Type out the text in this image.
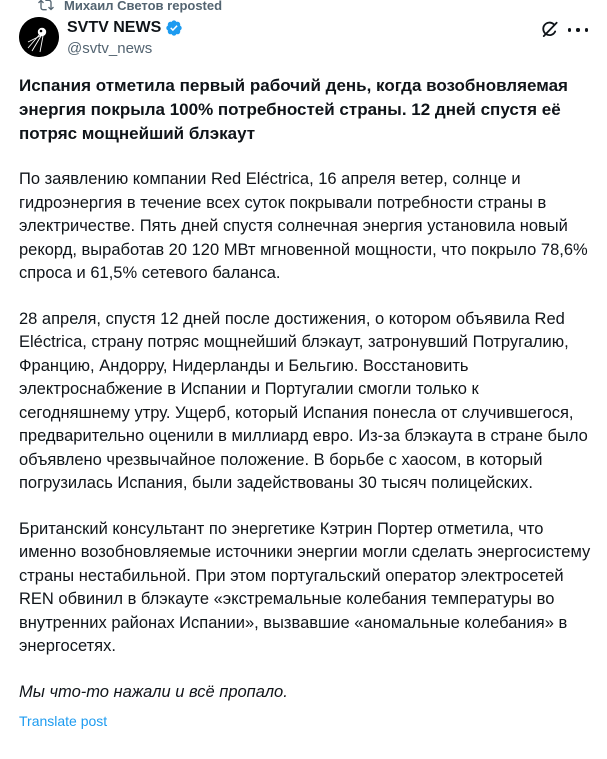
Михаил Светов reposted
SVTV NEWS
@svtv_news

Испания отметила первый рабочий день, когда возобновляемая энергия покрыла 100% потребностей страны. 12 дней спустя её потряс мощнейший блэкаут

По заявлению компании Red Eléctrica, 16 апреля ветер, солнце и гидроэнергия в течение всех суток покрывали потребности страны в электричестве. Пять дней спустя солнечная энергия установила новый рекорд, выработав 20 120 МВт мгновенной мощности, что покрыло 78,6% спроса и 61,5% сетевого баланса.

28 апреля, спустя 12 дней после достижения, о котором объявила Red Eléctrica, страну потряс мощнейший блэкаут, затронувший Потругалию, Францию, Андорру, Нидерланды и Бельгию. Восстановить электроснабжение в Испании и Португалии смогли только к сегодняшнему утру. Ущерб, который Испания понесла от случившегося, предварительно оценили в миллиард евро. Из-за блэкаута в стране было объявлено чрезвычайное положение. В борьбе с хаосом, в который погрузилась Испания, были задействованы 30 тысяч полицейских.

Британский консультант по энергетике Кэтрин Портер отметила, что именно возобновляемые источники энергии могли сделать энергосистему страны нестабильной. При этом португальский оператор электросетей REN обвинил в блэкауте «экстремальные колебания температуры во внутренних районах Испании», вызвавшие «аномальные колебания» в энергосетях.

Мы что-то нажали и всё пропало.

Translate post
